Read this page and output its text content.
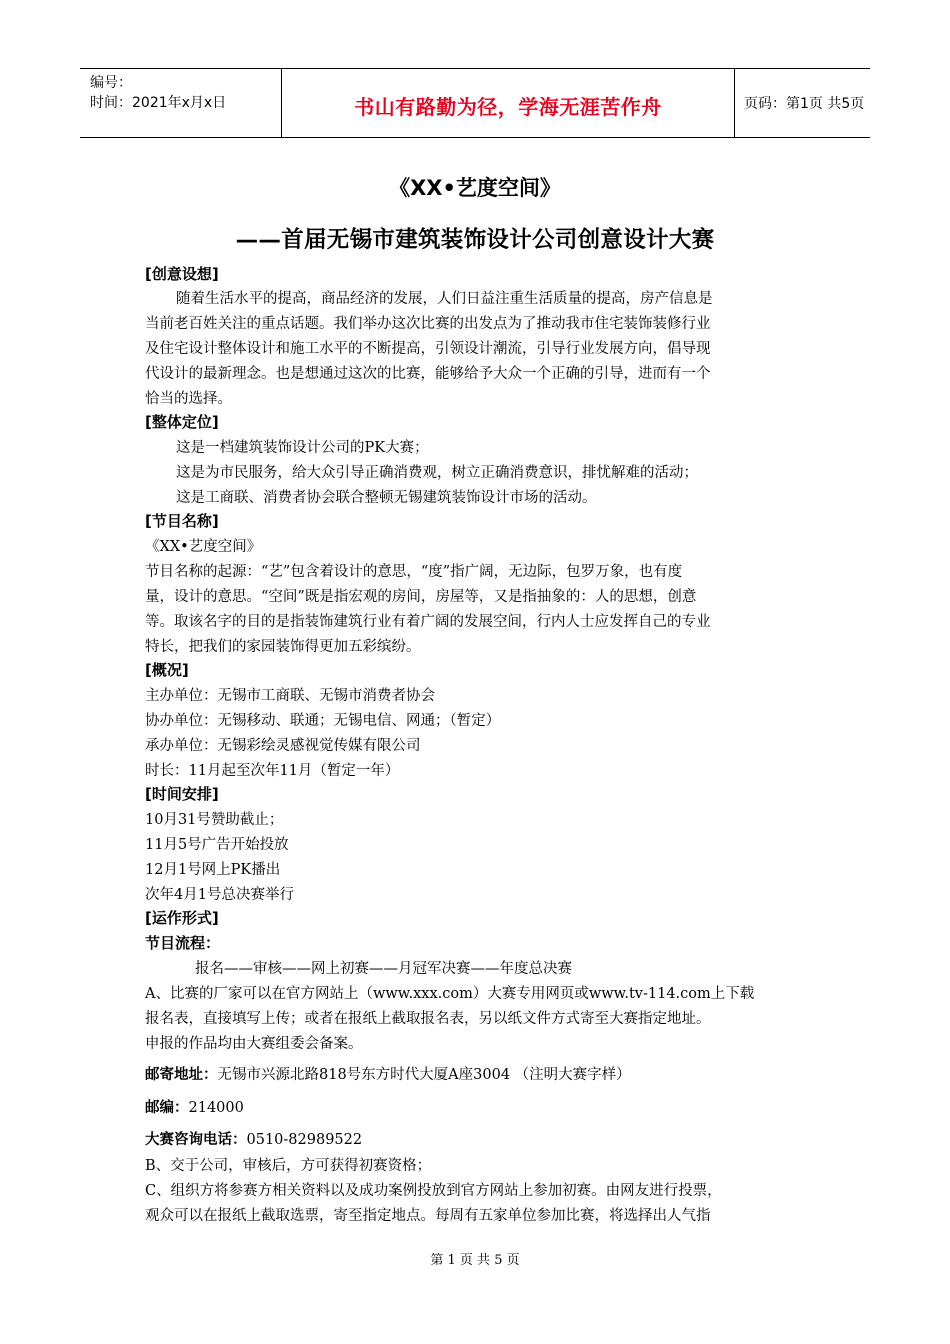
编号：
时间：2021年x月x日	书山有路勤为径，学海无涯苦作舟	页码：第1页 共5页
《XX•艺度空间》
——首届无锡市建筑装饰设计公司创意设计大赛
[创意设想]
随着生活水平的提高，商品经济的发展，人们日益注重生活质量的提高，房产信息是
当前老百姓关注的重点话题。我们举办这次比赛的出发点为了推动我市住宅装饰装修行业
及住宅设计整体设计和施工水平的不断提高，引领设计潮流，引导行业发展方向，倡导现
代设计的最新理念。也是想通过这次的比赛，能够给予大众一个正确的引导，进而有一个
恰当的选择。
[整体定位]
这是一档建筑装饰设计公司的PK大赛；
这是为市民服务，给大众引导正确消费观，树立正确消费意识，排忧解难的活动；
这是工商联、消费者协会联合整顿无锡建筑装饰设计市场的活动。
[节目名称]
《XX•艺度空间》
节目名称的起源：“艺”包含着设计的意思，“度”指广阔，无边际，包罗万象，也有度
量，设计的意思。“空间”既是指宏观的房间，房屋等，又是指抽象的：人的思想，创意
等。取该名字的目的是指装饰建筑行业有着广阔的发展空间，行内人士应发挥自己的专业
特长，把我们的家园装饰得更加五彩缤纷。
[概况]
主办单位：无锡市工商联、无锡市消费者协会
协办单位：无锡移动、联通；无锡电信、网通；（暂定）
承办单位：无锡彩绘灵感视觉传媒有限公司
时长：11月起至次年11月（暂定一年）
[时间安排]
10月31号赞助截止；
11月5号广告开始投放
12月1号网上PK播出
次年4月1号总决赛举行
[运作形式]
节目流程：
报名——审核——网上初赛——月冠军决赛——年度总决赛
A、比赛的厂家可以在官方网站上（www.xxx.com）大赛专用网页或www.tv-114.com上下载
报名表，直接填写上传；或者在报纸上截取报名表，另以纸文件方式寄至大赛指定地址。
申报的作品均由大赛组委会备案。
邮寄地址：无锡市兴源北路818号东方时代大厦A座3004 （注明大赛字样）
邮编：214000
大赛咨询电话：0510-82989522
B、交于公司，审核后，方可获得初赛资格；
C、组织方将参赛方相关资料以及成功案例投放到官方网站上参加初赛。由网友进行投票，
观众可以在报纸上截取选票，寄至指定地点。每周有五家单位参加比赛，将选择出人气指
第 1 页 共 5 页
